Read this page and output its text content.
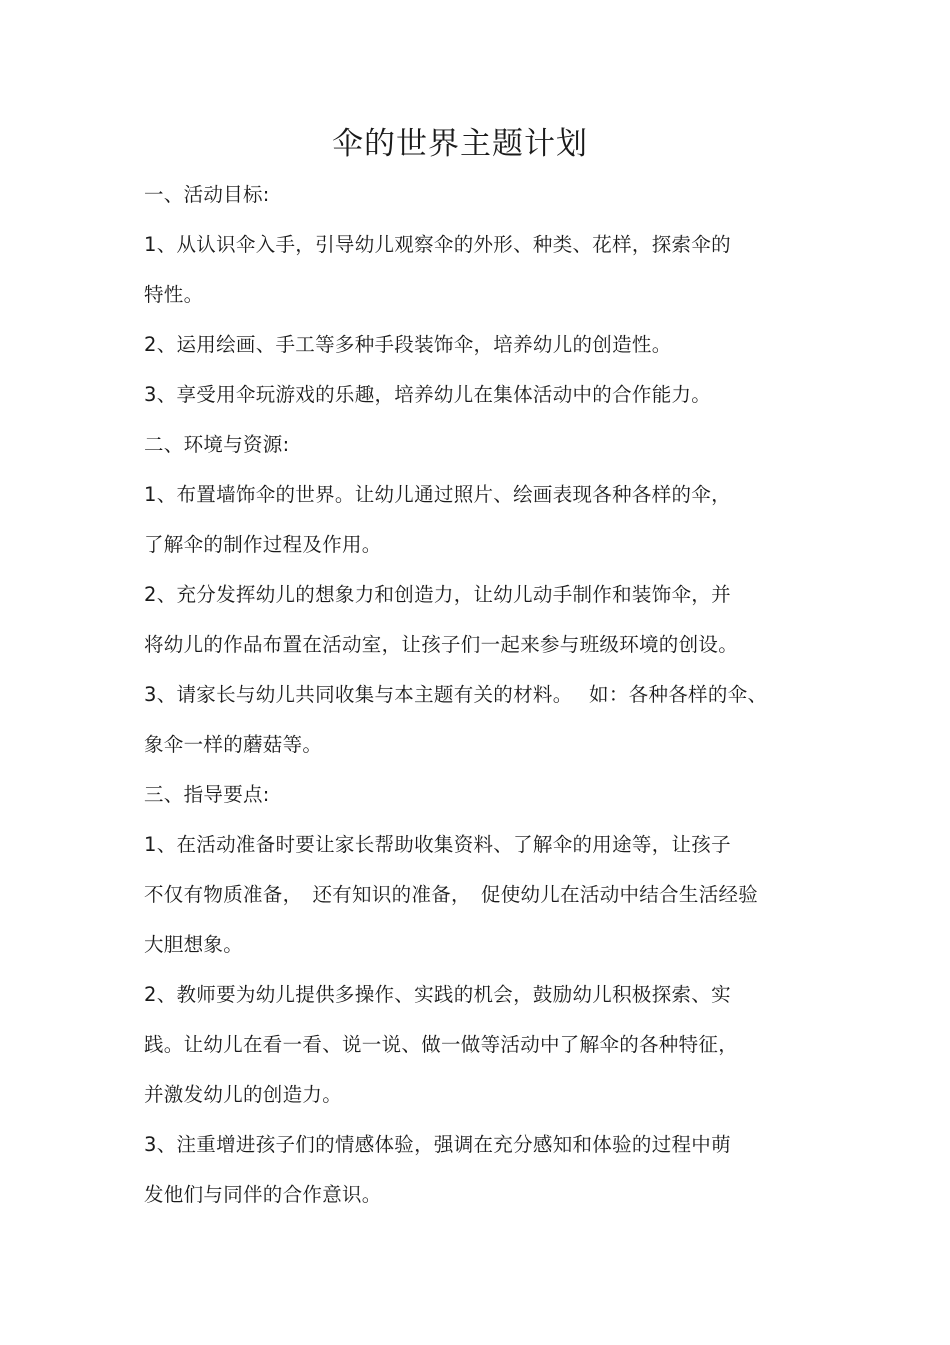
伞的世界主题计划

一、活动目标:

1、从认识伞入手，引导幼儿观察伞的外形、种类、花样，探索伞的

特性。

2、运用绘画、手工等多种手段装饰伞，培养幼儿的创造性。

3、享受用伞玩游戏的乐趣，培养幼儿在集体活动中的合作能力。

二、环境与资源:

1、布置墙饰伞的世界。让幼儿通过照片、绘画表现各种各样的伞，

了解伞的制作过程及作用。

2、充分发挥幼儿的想象力和创造力，让幼儿动手制作和装饰伞，并

将幼儿的作品布置在活动室，让孩子们一起来参与班级环境的创设。

3、请家长与幼儿共同收集与本主题有关的材料。　 如：各种各样的伞、

象伞一样的蘑菇等。

三、指导要点:

1、在活动准备时要让家长帮助收集资料、了解伞的用途等，让孩子

不仅有物质准备，　还有知识的准备，　促使幼儿在活动中结合生活经验

大胆想象。

2、教师要为幼儿提供多操作、实践的机会，鼓励幼儿积极探索、实

践。让幼儿在看一看、说一说、做一做等活动中了解伞的各种特征，

并激发幼儿的创造力。

3、注重增进孩子们的情感体验，强调在充分感知和体验的过程中萌

发他们与同伴的合作意识。
